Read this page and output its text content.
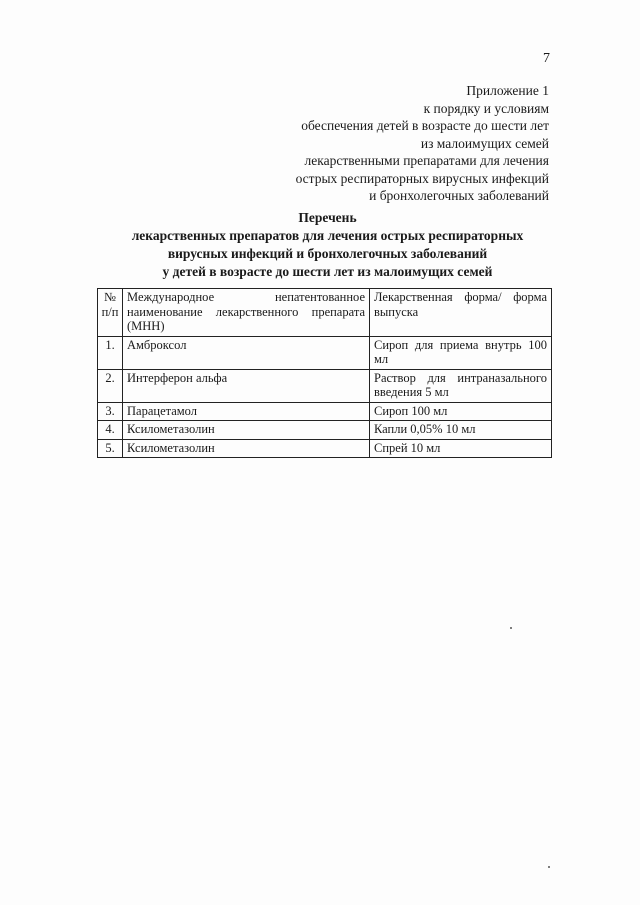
7
Приложение 1
к порядку и условиям
обеспечения детей в возрасте до шести лет
из малоимущих семей
лекарственными препаратами для лечения
острых респираторных вирусных инфекций
и бронхолегочных заболеваний
Перечень
лекарственных препаратов для лечения острых респираторных
вирусных инфекций и бронхолегочных заболеваний
у детей в возрасте до шести лет из малоимущих семей
№ п/п	Международное непатентованное наименование лекарственного препарата (МНН)	Лекарственная форма/ форма выпуска
1.	Амброксол	Сироп для приема внутрь 100 мл
2.	Интерферон альфа	Раствор для интраназального введения 5 мл
3.	Парацетамол	Сироп 100 мл
4.	Ксилометазолин	Капли 0,05% 10 мл
5.	Ксилометазолин	Спрей 10 мл
